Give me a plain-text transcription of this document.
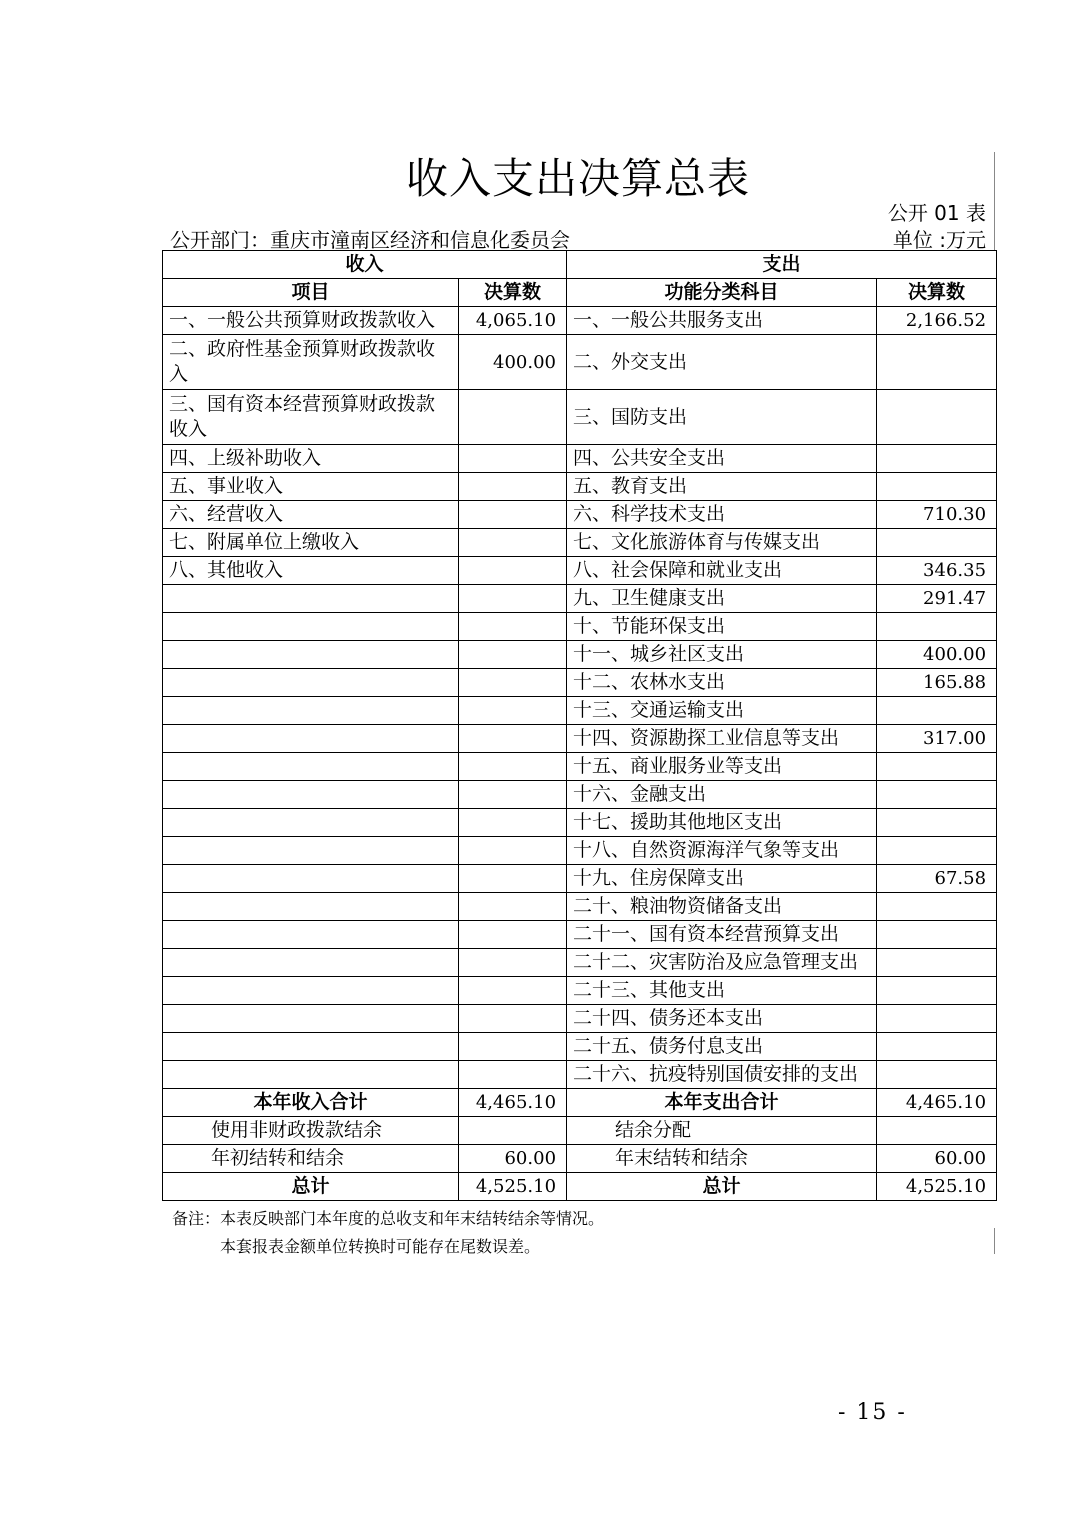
收入支出决算总表
公开 01 表
单位 :万元
公开部门：重庆市潼南区经济和信息化委员会
收入		支出	
项目	决算数	功能分类科目	决算数
一、一般公共预算财政拨款收入	4,065.10	一、一般公共服务支出	2,166.52
二、政府性基金预算财政拨款收入	400.00	二、外交支出	
三、国有资本经营预算财政拨款收入		三、国防支出	
四、上级补助收入		四、公共安全支出	
五、事业收入		五、教育支出	
六、经营收入		六、科学技术支出	710.30
七、附属单位上缴收入		七、文化旅游体育与传媒支出	
八、其他收入		八、社会保障和就业支出	346.35
		九、卫生健康支出	291.47
		十、节能环保支出	
		十一、城乡社区支出	400.00
		十二、农林水支出	165.88
		十三、交通运输支出	
		十四、资源勘探工业信息等支出	317.00
		十五、商业服务业等支出	
		十六、金融支出	
		十七、援助其他地区支出	
		十八、自然资源海洋气象等支出	
		十九、住房保障支出	67.58
		二十、粮油物资储备支出	
		二十一、国有资本经营预算支出	
		二十二、灾害防治及应急管理支出	
		二十三、其他支出	
		二十四、债务还本支出	
		二十五、债务付息支出	
		二十六、抗疫特别国债安排的支出	
本年收入合计	4,465.10	本年支出合计	4,465.10
使用非财政拨款结余		结余分配	
年初结转和结余	60.00	年末结转和结余	60.00
总计	4,525.10	总计	4,525.10
备注：本表反映部门本年度的总收支和年末结转结余等情况。
本套报表金额单位转换时可能存在尾数误差。
- 15 -
